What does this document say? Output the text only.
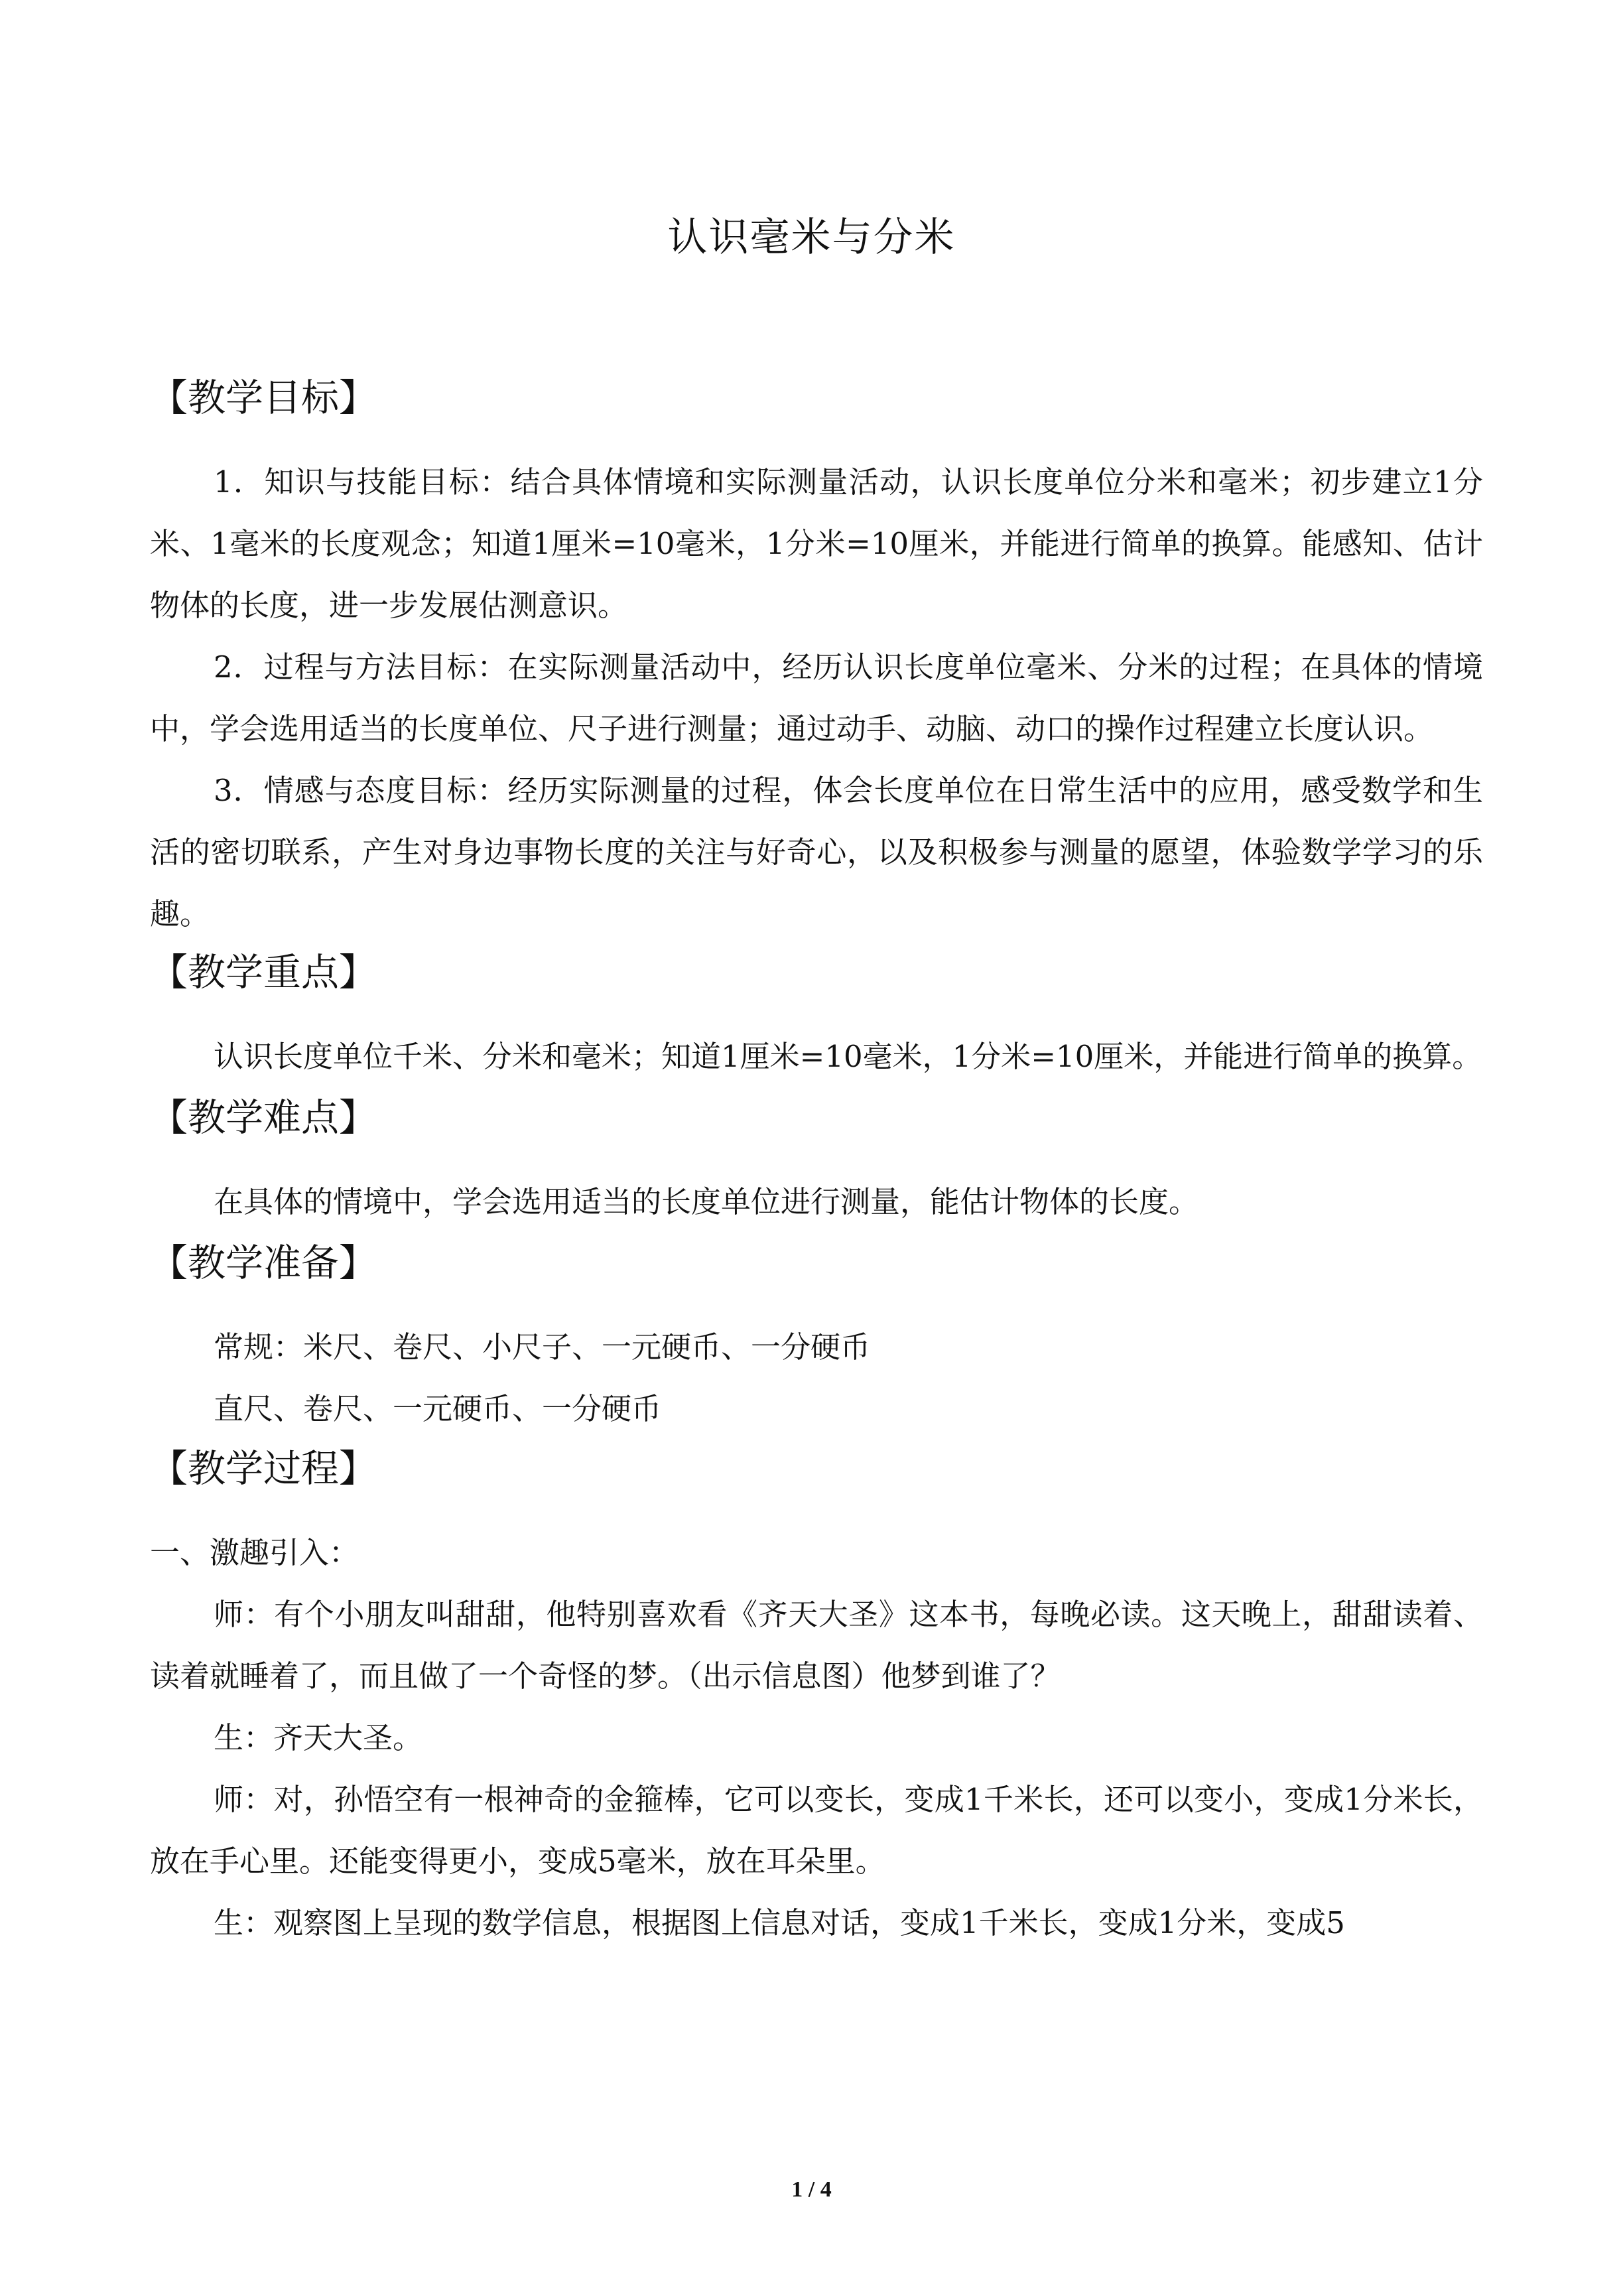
认识毫米与分米
【教学目标】

1．知识与技能目标：结合具体情境和实际测量活动，认识长度单位分米和毫米；初步建立1分米、1毫米的长度观念；知道1厘米=10毫米，1分米=10厘米，并能进行简单的换算。能感知、估计物体的长度，进一步发展估测意识。

2．过程与方法目标：在实际测量活动中，经历认识长度单位毫米、分米的过程；在具体的情境中，学会选用适当的长度单位、尺子进行测量；通过动手、动脑、动口的操作过程建立长度认识。

3．情感与态度目标：经历实际测量的过程，体会长度单位在日常生活中的应用，感受数学和生活的密切联系，产生对身边事物长度的关注与好奇心，以及积极参与测量的愿望，体验数学学习的乐趣。

【教学重点】

认识长度单位千米、分米和毫米；知道1厘米=10毫米，1分米=10厘米，并能进行简单的换算。

【教学难点】

在具体的情境中，学会选用适当的长度单位进行测量，能估计物体的长度。

【教学准备】

常规：米尺、卷尺、小尺子、一元硬币、一分硬币

直尺、卷尺、一元硬币、一分硬币

【教学过程】

一、激趣引入：

师：有个小朋友叫甜甜，他特别喜欢看《齐天大圣》这本书，每晚必读。这天晚上，甜甜读着、读着就睡着了，而且做了一个奇怪的梦。（出示信息图）他梦到谁了？

生：齐天大圣。

师：对，孙悟空有一根神奇的金箍棒，它可以变长，变成1千米长，还可以变小，变成1分米长，放在手心里。还能变得更小，变成5毫米，放在耳朵里。

生：观察图上呈现的数学信息，根据图上信息对话，变成1千米长，变成1分米，变成5

1 / 4
